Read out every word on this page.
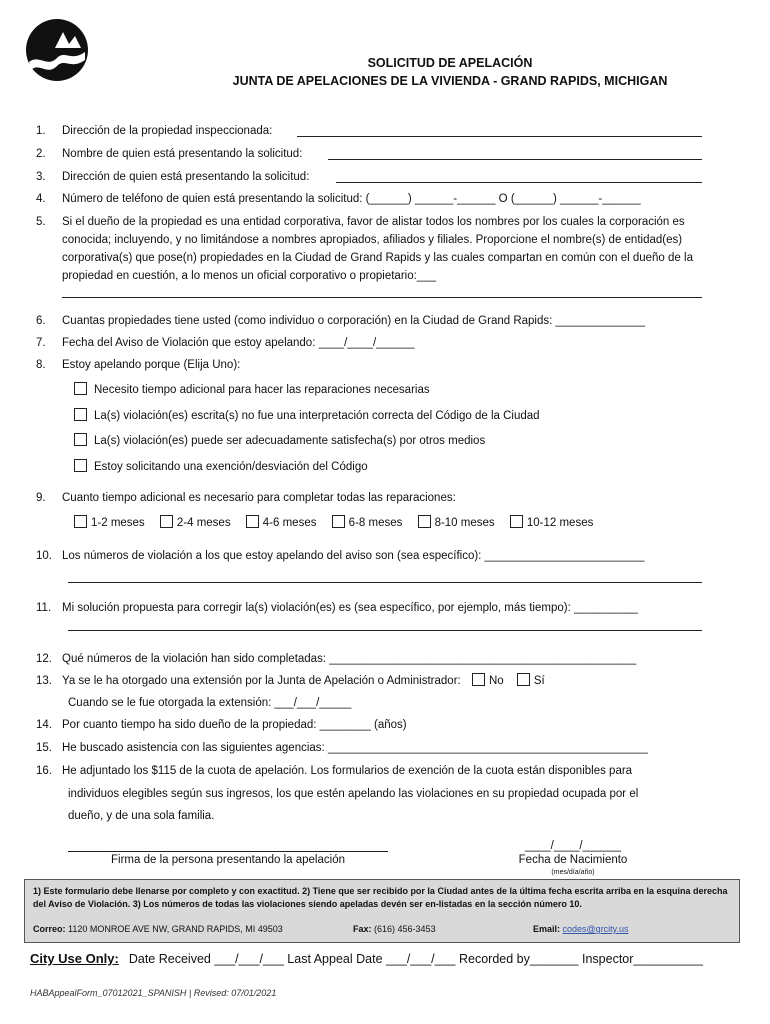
SOLICITUD DE APELACIÓN
JUNTA DE APELACIONES DE LA VIVIENDA - GRAND RAPIDS, MICHIGAN
1. Dirección de la propiedad inspeccionada:
2. Nombre de quien está presentando la solicitud:
3. Dirección de quien está presentando la solicitud:
4. Número de teléfono de quien está presentando la solicitud: (______) ______-______ O (______) ______-______
5.	Si el dueño de la propiedad es una entidad corporativa, favor de alistar todos los nombres por los cuales la corporación es conocida; incluyendo, y no limitándose a nombres apropiados, afiliados y filiales. Proporcione el nombre(s) de entidad(es) corporativa(s) que pose(n) propiedades en la Ciudad de Grand Rapids y las cuales compartan en común con el dueño de la propiedad en cuestión, a lo menos un oficial corporativo o propietario:___
6. Cuantas propiedades tiene usted (como individuo o corporación) en la Ciudad de Grand Rapids: ______________
7. Fecha del Aviso de Violación que estoy apelando: ____/____/______
8. Estoy apelando porque (Elija Uno):
Necesito tiempo adicional para hacer las reparaciones necesarias
La(s) violación(es) escrita(s) no fue una interpretación correcta del Código de la Ciudad
La(s) violación(es) puede ser adecuadamente satisfecha(s) por otros medios
Estoy solicitando una exención/desviación del Código
9. Cuanto tiempo adicional es necesario para completar todas las reparaciones:
1-2 meses	2-4 meses	4-6 meses	6-8 meses	8-10 meses	10-12 meses
10. Los números de violación a los que estoy apelando del aviso son (sea específico): _________________________
11. Mi solución propuesta para corregir la(s) violación(es) es (sea específico, por ejemplo, más tiempo): __________
12. Qué números de la violación han sido completadas: ________________________________________________
13. Ya se le ha otorgado una extensión por la Junta de Apelación o Administrador: No	Sí
Cuando se le fue otorgada la extensión: ___/___/_____
14. Por cuanto tiempo ha sido dueño de la propiedad: ________ (años)
15. He buscado asistencia con las siguientes agencias: __________________________________________________
16. He adjuntado los $115 de la cuota de apelación. Los formularios de exención de la cuota están disponibles para
individuos elegibles según sus ingresos, los que estén apelando las violaciones en su propiedad ocupada por el
dueño, y de una sola familia.
Firma de la persona presentando la apelación
____/____/______
Fecha de Nacimiento
(mes/día/año)
1) Este formulario debe llenarse por completo y con exactitud. 2) Tiene que ser recibido por la Ciudad antes de la última fecha escrita arriba en la esquina derecha del Aviso de Violación. 3) Los números de todas las violaciones siendo apeladas devén ser en-listadas en la sección número 10.
Correo: 1120 MONROE AVE NW, GRAND RAPIDS, MI 49503	Fax: (616) 456-3453	Email: codes@grcity.us
City Use Only: Date Received ___/___/___ Last Appeal Date ___/___/___ Recorded by_______ Inspector__________
HABAppealForm_07012021_SPANISH | Revised: 07/01/2021
